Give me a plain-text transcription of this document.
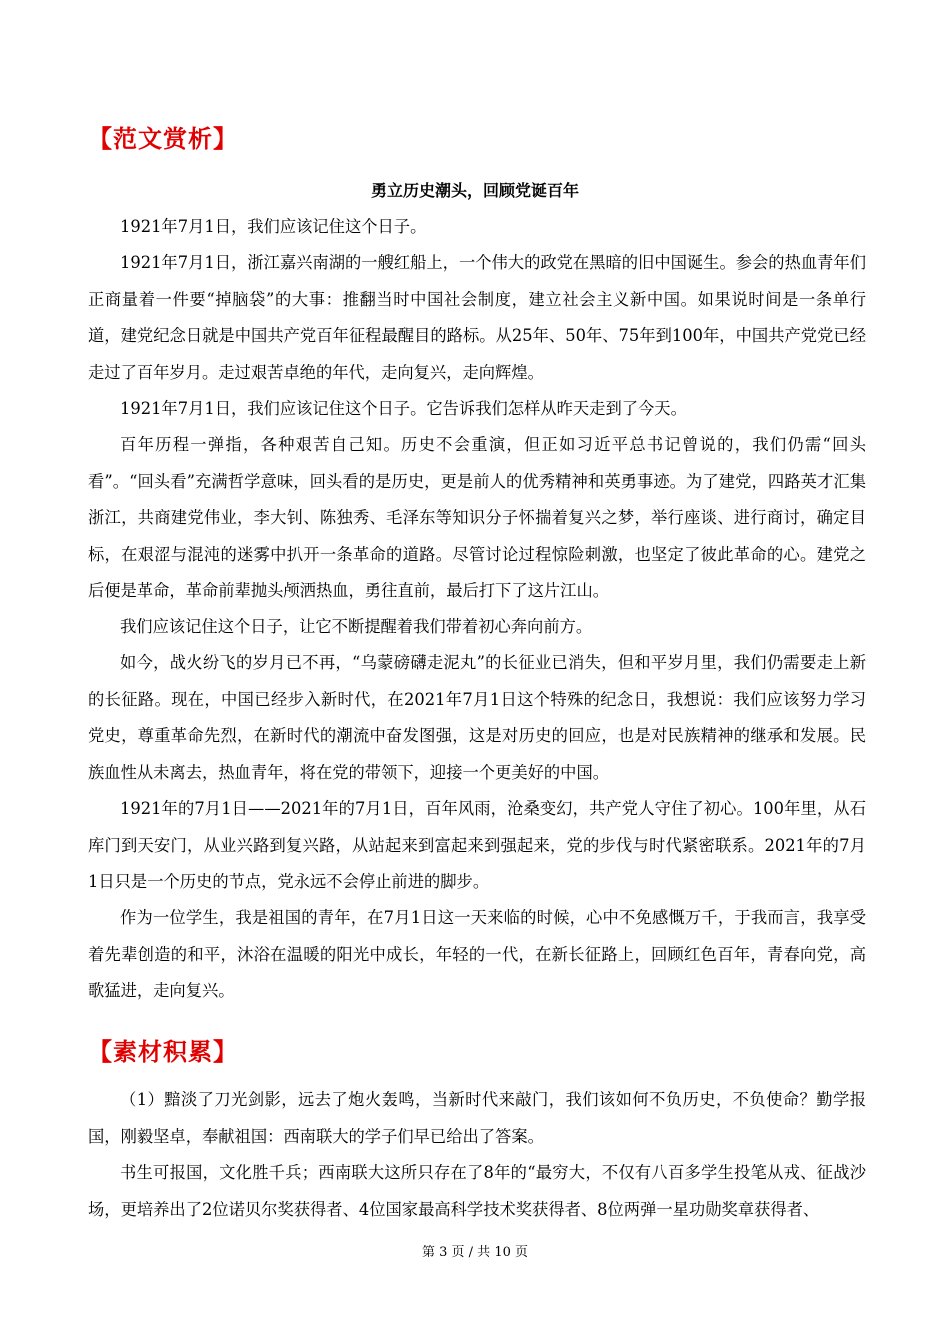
【范文赏析】
勇立历史潮头，回顾党诞百年

1921年7月1日，我们应该记住这个日子。

1921年7月1日，浙江嘉兴南湖的一艘红船上，一个伟大的政党在黑暗的旧中国诞生。参会的热血青年们正商量着一件要“掉脑袋”的大事：推翻当时中国社会制度，建立社会主义新中国。如果说时间是一条单行道，建党纪念日就是中国共产党百年征程最醒目的路标。从25年、50年、75年到100年，中国共产党党已经走过了百年岁月。走过艰苦卓绝的年代，走向复兴，走向辉煌。

1921年7月1日，我们应该记住这个日子。它告诉我们怎样从昨天走到了今天。

百年历程一弹指，各种艰苦自己知。历史不会重演，但正如习近平总书记曾说的，我们仍需“回头看”。“回头看”充满哲学意味，回头看的是历史，更是前人的优秀精神和英勇事迹。为了建党，四路英才汇集浙江，共商建党伟业，李大钊、陈独秀、毛泽东等知识分子怀揣着复兴之梦，举行座谈、进行商讨，确定目标，在艰涩与混沌的迷雾中扒开一条革命的道路。尽管讨论过程惊险刺激，也坚定了彼此革命的心。建党之后便是革命，革命前辈抛头颅洒热血，勇往直前，最后打下了这片江山。

我们应该记住这个日子，让它不断提醒着我们带着初心奔向前方。

如今，战火纷飞的岁月已不再，“乌蒙磅礴走泥丸”的长征业已消失，但和平岁月里，我们仍需要走上新的长征路。现在，中国已经步入新时代，在2021年7月1日这个特殊的纪念日，我想说：我们应该努力学习党史，尊重革命先烈，在新时代的潮流中奋发图强，这是对历史的回应，也是对民族精神的继承和发展。民族血性从未离去，热血青年，将在党的带领下，迎接一个更美好的中国。

1921年的7月1日——2021年的7月1日，百年风雨，沧桑变幻，共产党人守住了初心。100年里，从石库门到天安门，从业兴路到复兴路，从站起来到富起来到强起来，党的步伐与时代紧密联系。2021年的7月1日只是一个历史的节点，党永远不会停止前进的脚步。

作为一位学生，我是祖国的青年，在7月1日这一天来临的时候，心中不免感慨万千，于我而言，我享受着先辈创造的和平，沐浴在温暖的阳光中成长，年轻的一代，在新长征路上，回顾红色百年，青春向党，高歌猛进，走向复兴。

【素材积累】

（1）黯淡了刀光剑影，远去了炮火轰鸣，当新时代来敲门，我们该如何不负历史，不负使命？勤学报国，刚毅坚卓，奉献祖国：西南联大的学子们早已给出了答案。

书生可报国，文化胜千兵；西南联大这所只存在了8年的“最穷大，不仅有八百多学生投笔从戎、征战沙场，更培养出了2位诺贝尔奖获得者、4位国家最高科学技术奖获得者、8位两弹一星功勋奖章获得者、

第 3 页 / 共 10 页
